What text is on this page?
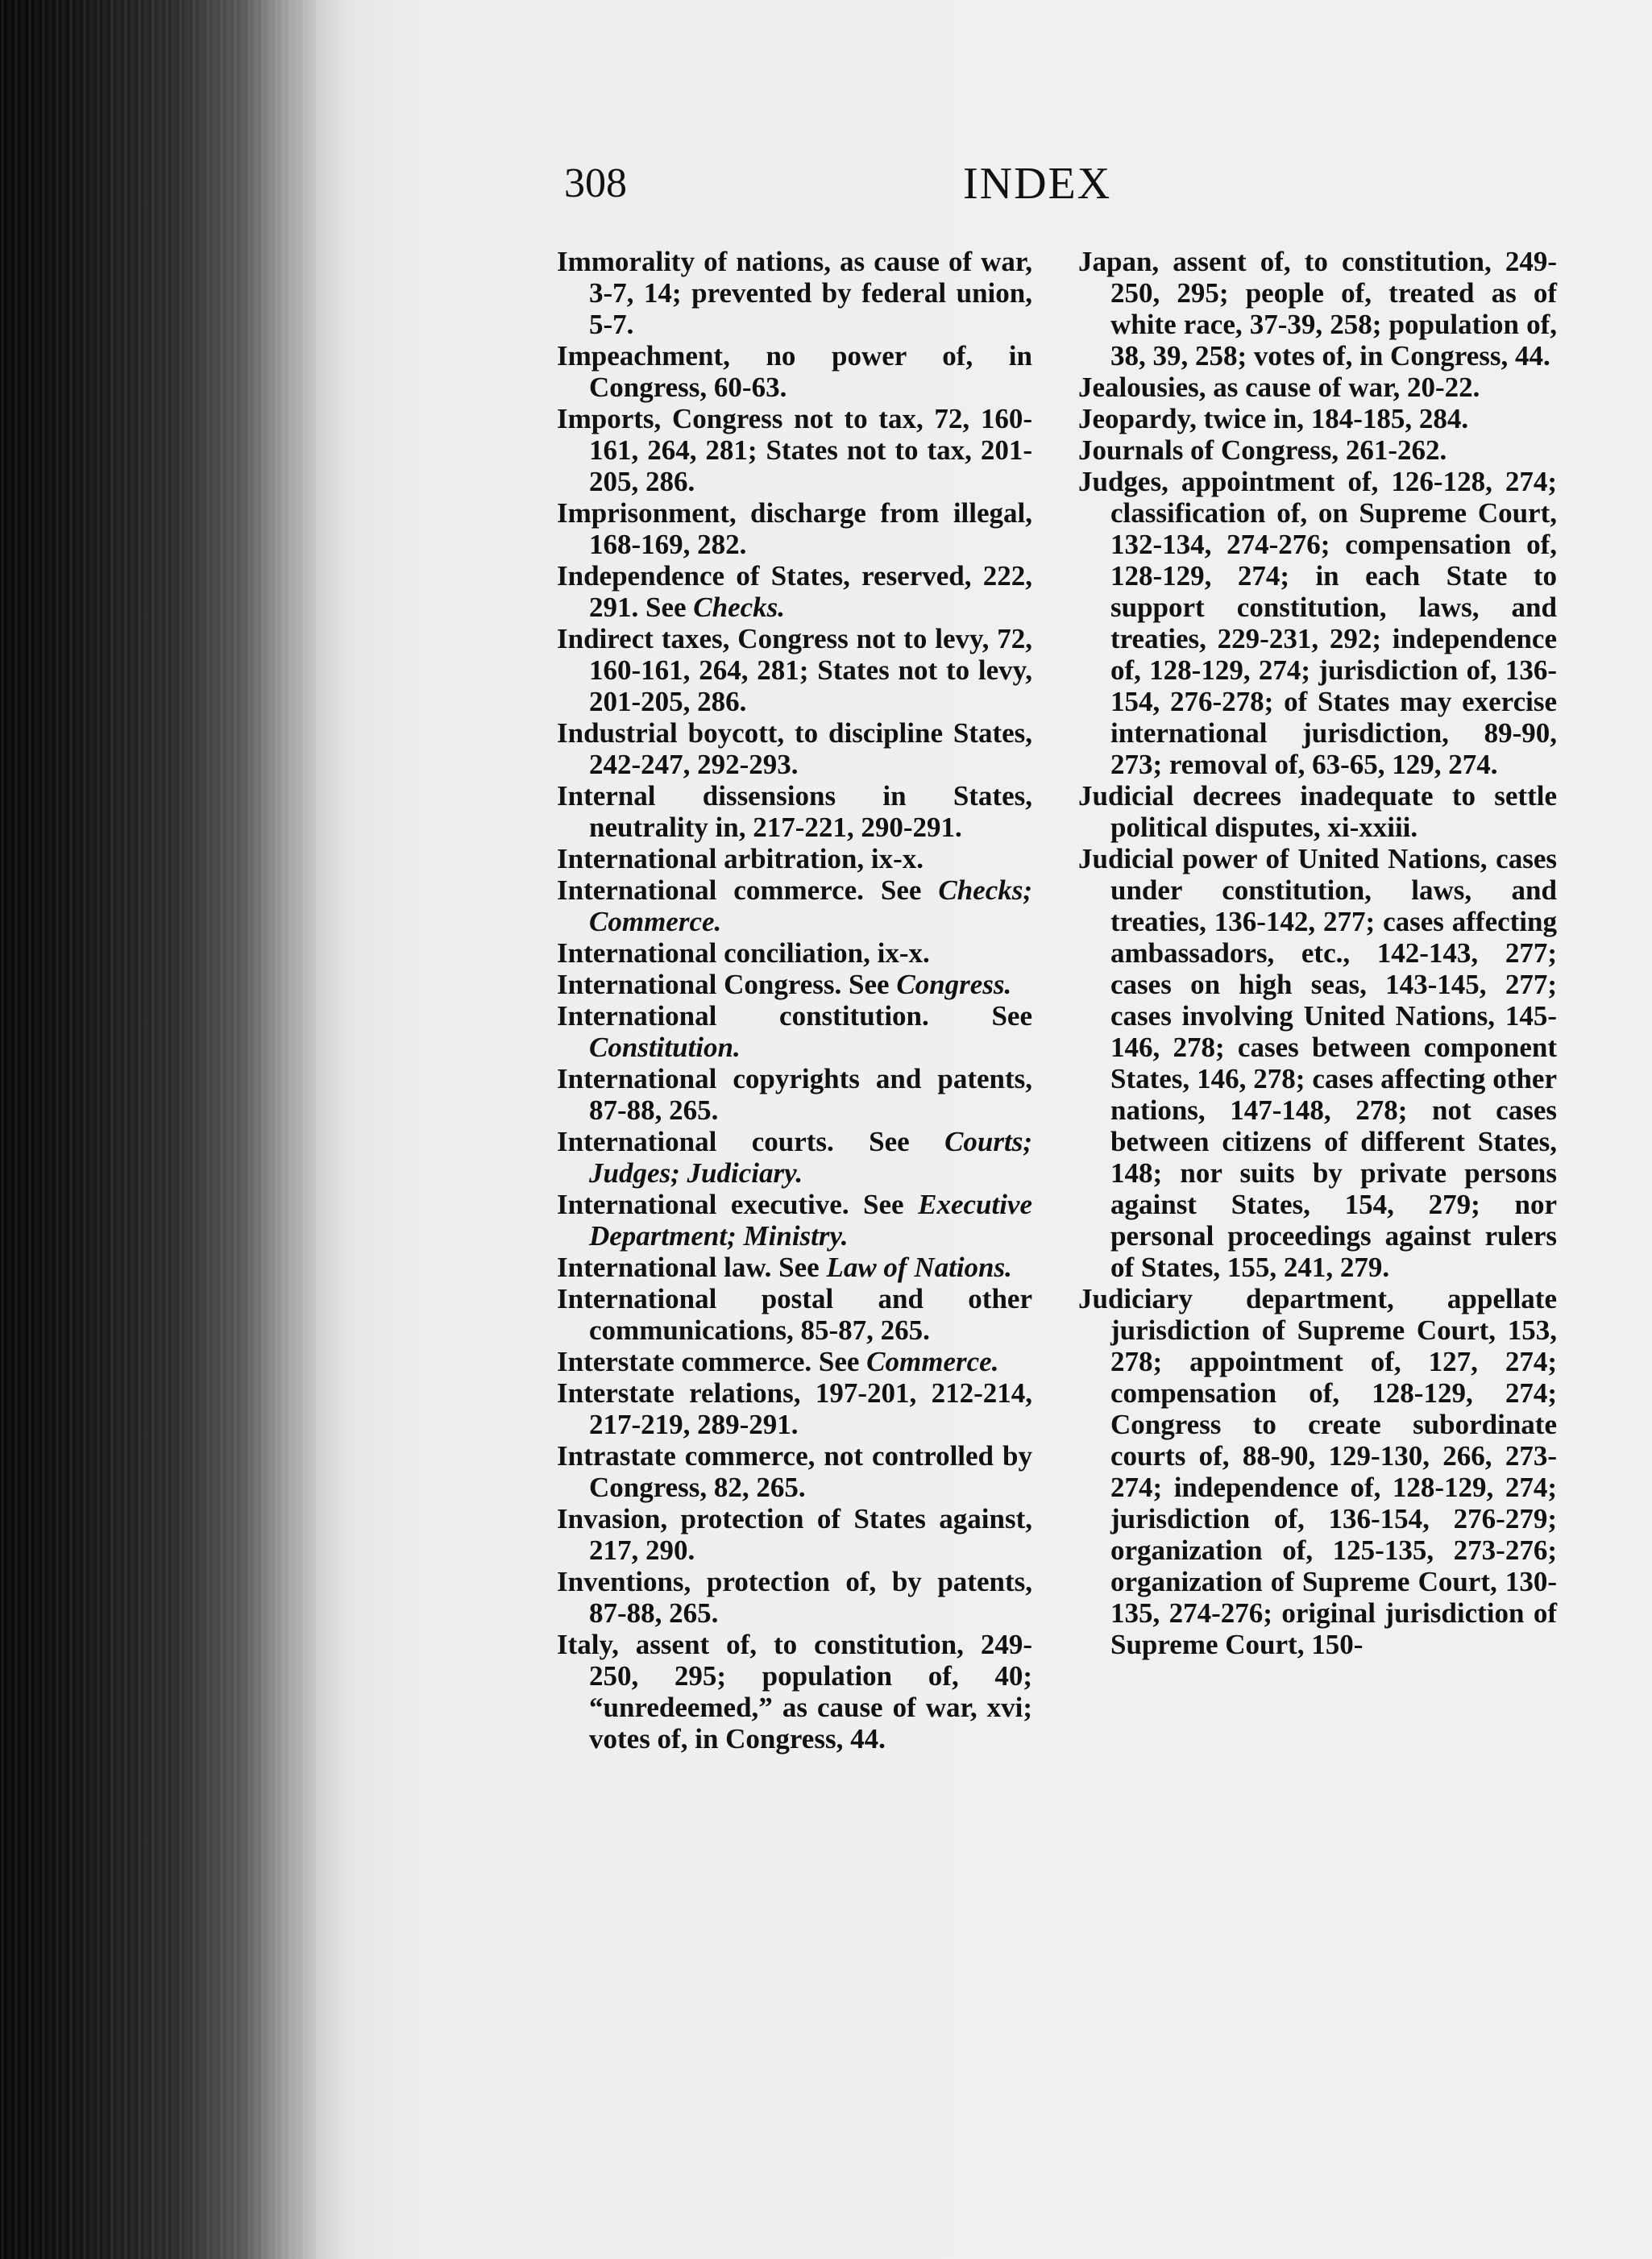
308	INDEX

Immorality of nations, as cause of war, 3-7, 14; prevented by federal union, 5-7.

Impeachment, no power of, in Congress, 60-63.

Imports, Congress not to tax, 72, 160-161, 264, 281; States not to tax, 201-205, 286.

Imprisonment, discharge from illegal, 168-169, 282.

Independence of States, reserved, 222, 291. See Checks.

Indirect taxes, Congress not to levy, 72, 160-161, 264, 281; States not to levy, 201-205, 286.

Industrial boycott, to discipline States, 242-247, 292-293.

Internal dissensions in States, neutrality in, 217-221, 290-291.

International arbitration, ix-x.

International commerce. See Checks; Commerce.

International conciliation, ix-x.

International Congress. See Congress.

International constitution. See Constitution.

International copyrights and patents, 87-88, 265.

International courts. See Courts; Judges; Judiciary.

International executive. See Executive Department; Ministry.

International law. See Law of Nations.

International postal and other communications, 85-87, 265.

Interstate commerce. See Commerce.

Interstate relations, 197-201, 212-214, 217-219, 289-291.

Intrastate commerce, not controlled by Congress, 82, 265.

Invasion, protection of States against, 217, 290.

Inventions, protection of, by patents, 87-88, 265.

Italy, assent of, to constitution, 249-250, 295; population of, 40; “unredeemed,” as cause of war, xvi; votes of, in Congress, 44.

Japan, assent of, to constitution, 249-250, 295; people of, treated as of white race, 37-39, 258; population of, 38, 39, 258; votes of, in Congress, 44.

Jealousies, as cause of war, 20-22.

Jeopardy, twice in, 184-185, 284.

Journals of Congress, 261-262.

Judges, appointment of, 126-128, 274; classification of, on Supreme Court, 132-134, 274-276; compensation of, 128-129, 274; in each State to support constitution, laws, and treaties, 229-231, 292; independence of, 128-129, 274; jurisdiction of, 136-154, 276-278; of States may exercise international jurisdiction, 89-90, 273; removal of, 63-65, 129, 274.

Judicial decrees inadequate to settle political disputes, xi-xxiii.

Judicial power of United Nations, cases under constitution, laws, and treaties, 136-142, 277; cases affecting ambassadors, etc., 142-143, 277; cases on high seas, 143-145, 277; cases involving United Nations, 145-146, 278; cases between component States, 146, 278; cases affecting other nations, 147-148, 278; not cases between citizens of different States, 148; nor suits by private persons against States, 154, 279; nor personal proceedings against rulers of States, 155, 241, 279.

Judiciary department, appellate jurisdiction of Supreme Court, 153, 278; appointment of, 127, 274; compensation of, 128-129, 274; Congress to create subordinate courts of, 88-90, 129-130, 266, 273-274; independence of, 128-129, 274; jurisdiction of, 136-154, 276-279; organization of, 125-135, 273-276; organization of Supreme Court, 130-135, 274-276; original jurisdiction of Supreme Court, 150-
